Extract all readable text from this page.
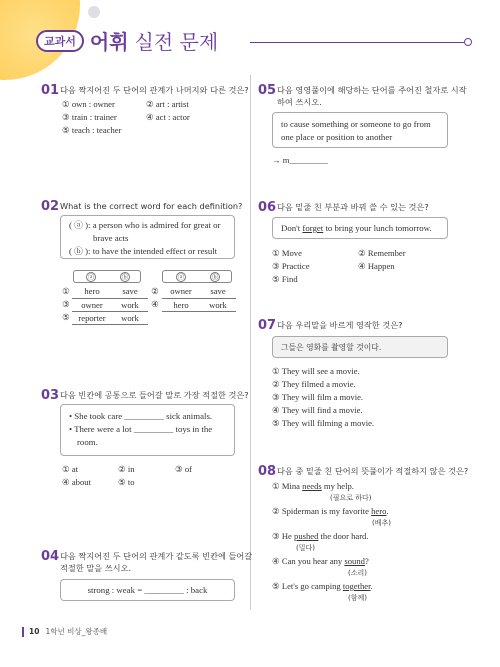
교과서 어휘 실전 문제
01 다음 짝지어진 두 단어의 관계가 나머지와 다른 것은?
① own : owner	② art : artist
③ train : trainer	④ act : actor
⑤ teach : teacher
02 What is the correct word for each definition?
( ⓐ ): a person who is admired for great or
brave acts
( ⓑ ): to have the intended effect or result
ⓐ	ⓑ	ⓐ	ⓑ
①	hero	save	②	owner	save
③	owner	work	④	hero	work
⑤	reporter	work			
03 다음 빈칸에 공통으로 들어갈 말로 가장 적절한 것은?
• She took care _________ sick animals.
• There were a lot _________ toys in the
room.
① at	② in	③ of
④ about	⑤ to
04 다음 짝지어진 두 단어의 관계가 같도록 빈칸에 들어갈
적절한 말을 쓰시오.
strong : weak = _________ : back
05 다음 영영풀이에 해당하는 단어를 주어진 철자로 시작
하여 쓰시오.
to cause something or someone to go from
one place or position to another
→ m_________
06 다음 밑줄 친 부분과 바꿔 쓸 수 있는 것은?
Don't forget to bring your lunch tomorrow.
① Move	② Remember
③ Practice	④ Happen
⑤ Find
07 다음 우리말을 바르게 영작한 것은?
그들은 영화를 촬영할 것이다.
① They will see a movie.
② They filmed a movie.
③ They will film a movie.
④ They will find a movie.
⑤ They will filming a movie.
08 다음 중 밑줄 친 단어의 뜻풀이가 적절하지 않은 것은?
① Mina needs my help.
(필요로 하다)
② Spiderman is my favorite hero.
(배추)
③ He pushed the door hard.
(밀다)
④ Can you hear any sound?
(소리)
⑤ Let's go camping together.
(함께)
10 1학년 비상_왕종배
